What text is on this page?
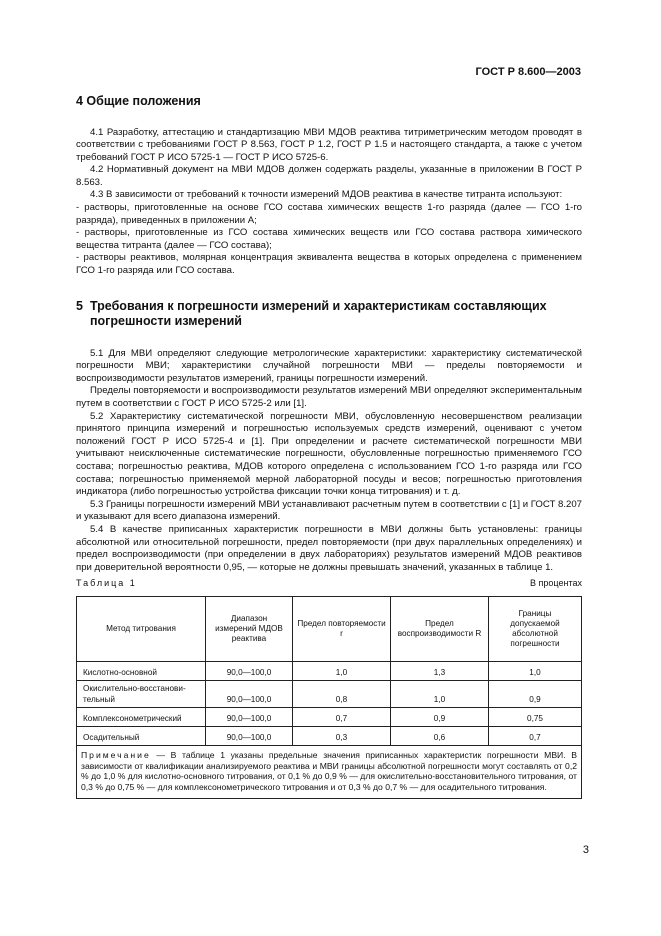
ГОСТ Р 8.600—2003
4 Общие положения

4.1 Разработку, аттестацию и стандартизацию МВИ МДОВ реактива титриметрическим методом проводят в соответствии с требованиями ГОСТ Р 8.563, ГОСТ Р 1.2, ГОСТ Р 1.5 и настоящего стандарта, а также с учетом требований ГОСТ Р ИСО 5725-1 — ГОСТ Р ИСО 5725-6.

4.2 Нормативный документ на МВИ МДОВ должен содержать разделы, указанные в приложении В ГОСТ Р 8.563.

4.3 В зависимости от требований к точности измерений МДОВ реактива в качестве титранта используют:

- растворы, приготовленные на основе ГСО состава химических веществ 1-го разряда (далее — ГСО 1-го разряда), приведенных в приложении А;

- растворы, приготовленные из ГСО состава химических веществ или ГСО состава раствора химического вещества титранта (далее — ГСО состава);

- растворы реактивов, молярная концентрация эквивалента вещества в которых определена с применением ГСО 1-го разряда или ГСО состава.

5 Требования к погрешности измерений и характеристикам составляющих погрешности измерений

5.1 Для МВИ определяют следующие метрологические характеристики: характеристику систематической погрешности МВИ; характеристики случайной погрешности МВИ — пределы повторяемости и воспроизводимости результатов измерений, границы погрешности измерений.

Пределы повторяемости и воспроизводимости результатов измерений МВИ определяют экспериментальным путем в соответствии с ГОСТ Р ИСО 5725-2 или [1].

5.2 Характеристику систематической погрешности МВИ, обусловленную несовершенством реализации принятого принципа измерений и погрешностью используемых средств измерений, оценивают с учетом положений ГОСТ Р ИСО 5725-4 и [1]. При определении и расчете систематической погрешности МВИ учитывают неисключенные систематические погрешности, обусловленные погрешностью применяемого ГСО состава; погрешностью реактива, МДОВ которого определена с использованием ГСО 1-го разряда или ГСО состава; погрешностью применяемой мерной лабораторной посуды и весов; погрешностью приготовления индикатора (либо погрешностью устройства фиксации точки конца титрования) и т. д.

5.3 Границы погрешности измерений МВИ устанавливают расчетным путем в соответствии с [1] и ГОСТ 8.207 и указывают для всего диапазона измерений.

5.4 В качестве приписанных характеристик погрешности в МВИ должны быть установлены: границы абсолютной или относительной погрешности, предел повторяемости (при двух параллельных определениях) и предел воспроизводимости (при определении в двух лабораториях) результатов измерений МДОВ реактивов при доверительной вероятности 0,95, — которые не должны превышать значений, указанных в таблице 1.

Таблица 1	В процентах
Метод титрования	Диапазон измерений МДОВ реактива	Предел повторяемости r	Предел воспроизводимости R	Границы допускаемой абсолютной погрешности
Кислотно-основной	90,0—100,0	1,0	1,3	1,0
Окислительно-восстанови-тельный	90,0—100,0	0,8	1,0	0,9
Комплексонометрический	90,0—100,0	0,7	0,9	0,75
Осадительный	90,0—100,0	0,3	0,6	0,7
Примечание — В таблице 1 указаны предельные значения приписанных характеристик погрешности МВИ. В зависимости от квалификации анализируемого реактива и МВИ границы абсолютной погрешности могут составлять от 0,2 % до 1,0 % для кислотно-основного титрования, от 0,1 % до 0,9 % — для окислительно-восстановительного титрования, от 0,3 % до 0,75 % — для комплексонометрического титрования и от 0,3 % до 0,7 % — для осадительного титрования.				
3
